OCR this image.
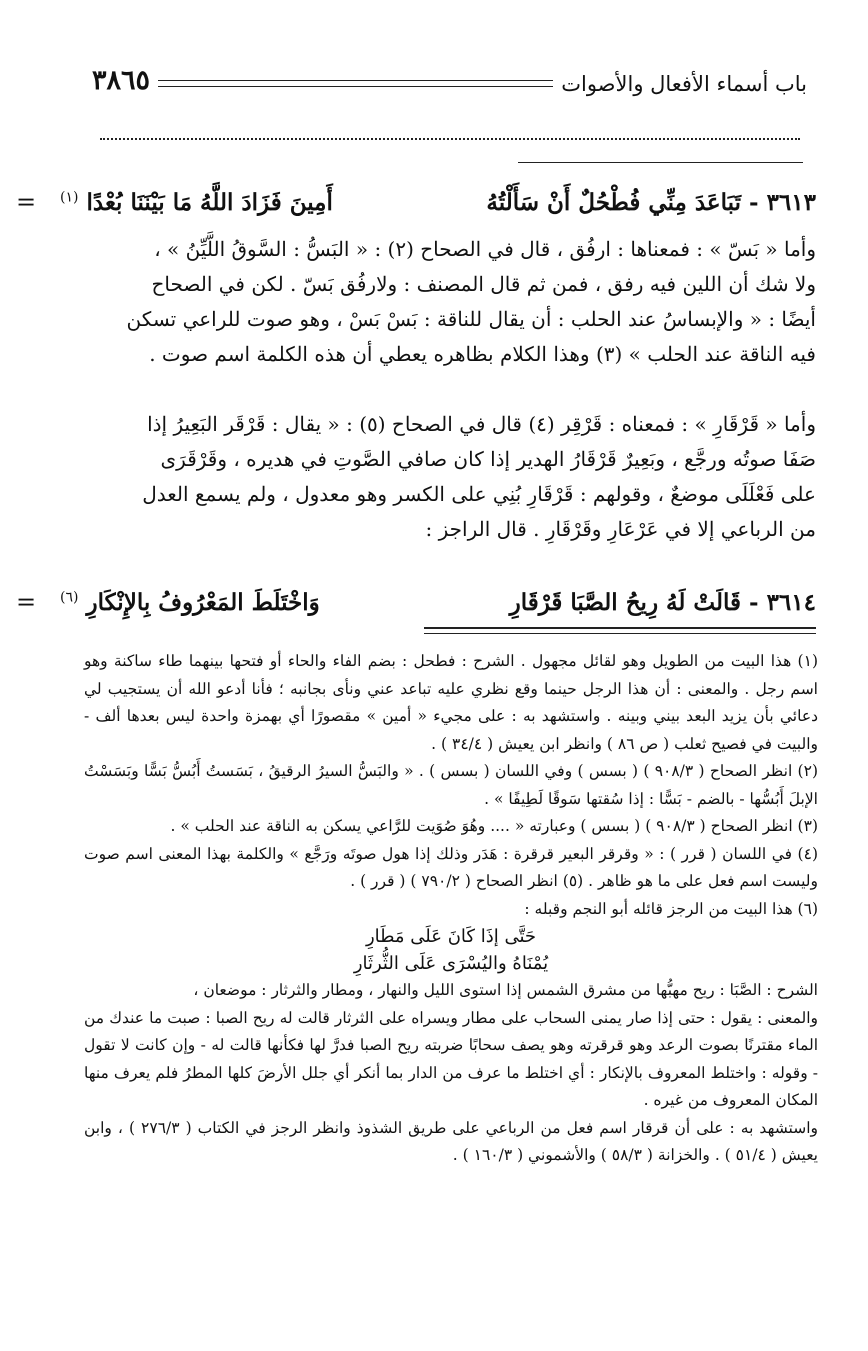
باب أسماء الأفعال والأصوات
٣٨٦٥
=	٣٦١٣ - تَبَاعَدَ مِنِّي فُطْحُلٌ أَنْ سَأَلْتُهُ
أَمِينَ فَزَادَ اللَّهُ مَا بَيْنَنَا بُعْدًا $^{(١)}$

وأما « بَسّ » : فمعناها : ارفُق ، قال في الصحاح (٢) : « البَسُّ : السَّوقُ اللَّيِّنُ » ،

ولا شك أن اللين فيه رفق ، فمن ثم قال المصنف : ولارفُق بَسّ . لكن في الصحاح

أيضًا : « والإبساسُ عند الحلب : أن يقال للناقة : بَسْ بَسْ ، وهو صوت للراعي تسكن

فيه الناقة عند الحلب » (٣) وهذا الكلام بظاهره يعطي أن هذه الكلمة اسم صوت .

وأما « قَرْقَارِ » : فمعناه : قَرْقِر (٤) قال في الصحاح (٥) : « يقال : قَرْقَر البَعِيرُ إذا

صَفَا صوتُه ورجَّع ، وبَعِيرٌ قَرْقَارُ الهدير إذا كان صافي الصَّوتِ في هديره ، وقَرْقَرَى

على فَعْلَلَى موضعٌ ، وقولهم : قَرْقَارِ بُنِي على الكسر وهو معدول ، ولم يسمع العدل

من الرباعي إلا في عَرْعَارِ وقَرْقَارِ . قال الراجز :

=	٣٦١٤ - قَالَتْ لَهُ رِيحُ الصَّبَا قَرْقَارِ
وَاخْتَلَطَ المَعْرُوفُ بِالإِنْكَارِ $^{(٦)}$

(١) هذا البيت من الطويل وهو لقائل مجهول . الشرح : فطحل : بضم الفاء والحاء أو فتحها بينهما طاء ساكنة وهو اسم رجل . والمعنى : أن هذا الرجل حينما وقع نظري عليه تباعد عني ونأى بجانبه ؛ فأنا أدعو الله أن يستجيب لي دعائي بأن يزيد البعد بيني وبينه . واستشهد به : على مجيء « أمين » مقصورًا أي بهمزة واحدة ليس بعدها ألف - والبيت في فصيح ثعلب ( ص ٨٦ ) وانظر ابن يعيش ( ٣٤/٤ ) .

(٢) انظر الصحاح ( ٩٠٨/٣ ) ( بسس ) وفي اللسان ( بسس ) . « والبَسُّ السيرُ الرقيقُ ، بَسَستُ أَبُسُّ بَسًّا وبَسَسْتُ الإبلَ أَبُسُّها - بالضم - بَسًّا : إذا سُقتها سَوقًا لَطِيفًا » .

(٣) انظر الصحاح ( ٩٠٨/٣ ) ( بسس ) وعبارته « .... وهُوَ صُوَيت للرَّاعي يسكن به الناقة عند الحلب » .

(٤) في اللسان ( قرر ) : « وقرقر البعير قرقرة : هَدَر وذلك إذا هول صوتَه ورَجَّع » والكلمة بهذا المعنى اسم صوت وليست اسم فعل على ما هو ظاهر . (٥) انظر الصحاح ( ٧٩٠/٢ ) ( قرر ) .

(٦) هذا البيت من الرجز قائله أبو النجم وقبله :

حَتَّى إذَا كَانَ عَلَى مَطَارِ
يُمْنَاهُ واليُسْرَى عَلَى الثُّرثَارِ

الشرح : الصَّبَا : ريح مهبُّها من مشرق الشمس إذا استوى الليل والنهار ، ومطار والثرثار : موضعان ،

والمعنى : يقول : حتى إذا صار يمنى السحاب على مطار ويسراه على الثرثار قالت له ريح الصبا : صبت ما عندك من الماء مقترنًا بصوت الرعد وهو قرقرته وهو يصف سحابًا ضربته ريح الصبا فدرَّ لها فكأنها قالت له - وإن كانت لا تقول - وقوله : واختلط المعروف بالإنكار : أي اختلط ما عرف من الدار بما أنكر أي جلل الأرضَ كلها المطرُ فلم يعرف منها المكان المعروف من غيره .

واستشهد به : على أن قرقار اسم فعل من الرباعي على طريق الشذوذ وانظر الرجز في الكتاب ( ٢٧٦/٣ ) ، وابن يعيش ( ٥١/٤ ) . والخزانة ( ٥٨/٣ ) والأشموني ( ١٦٠/٣ ) .
